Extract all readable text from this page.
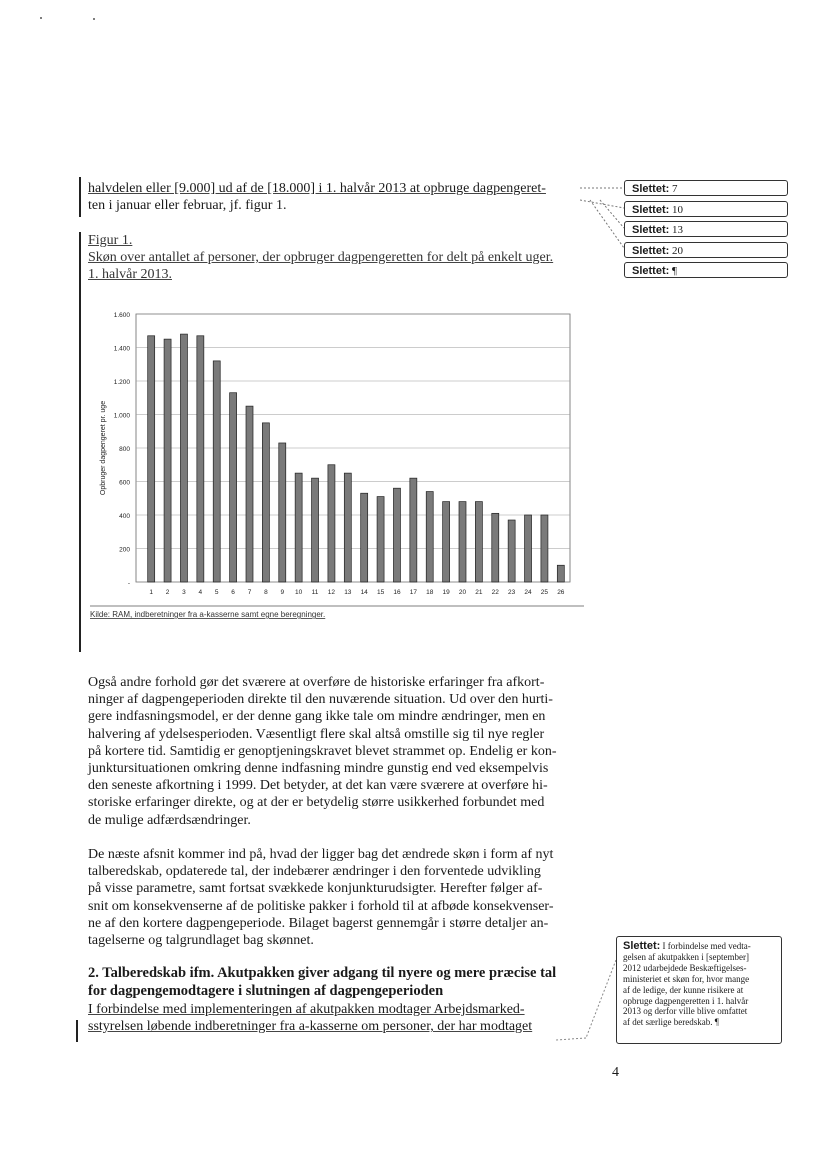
halvdelen eller [9.000] ud af de [18.000] i 1. halvår 2013 at opbruge dagpengeret-
ten i januar eller februar, jf. figur 1.
Figur 1.
Skøn over antallet af personer, der opbruger dagpengeretten for delt på enkelt uger.
1. halvår 2013.
Slettet: 7
Slettet: 10
Slettet: 13
Slettet: 20
Slettet: ¶
1.600
1.400
1.200
1.000
800
600
400
200
-
Opbruger dagpengeret pr. uge
1 2 3 4 5 6 7 8 9 10 11 12 13 14 15 16 17 18 19 20 21 22 23 24 25 26
Kilde: RAM, indberetninger fra a-kasserne samt egne beregninger.
Også andre forhold gør det sværere at overføre de historiske erfaringer fra afkort-
ninger af dagpengeperioden direkte til den nuværende situation. Ud over den hurti-
gere indfasningsmodel, er der denne gang ikke tale om mindre ændringer, men en
halvering af ydelsesperioden. Væsentligt flere skal altså omstille sig til nye regler
på kortere tid. Samtidig er genoptjeningskravet blevet strammet op. Endelig er kon-
junktursituationen omkring denne indfasning mindre gunstig end ved eksempelvis
den seneste afkortning i 1999. Det betyder, at det kan være sværere at overføre hi-
storiske erfaringer direkte, og at der er betydelig større usikkerhed forbundet med
de mulige adfærdsændringer.
De næste afsnit kommer ind på, hvad der ligger bag det ændrede skøn i form af nyt
talberedskab, opdaterede tal, der indebærer ændringer i den forventede udvikling
på visse parametre, samt fortsat svækkede konjunkturudsigter. Herefter følger af-
snit om konsekvenserne af de politiske pakker i forhold til at afbøde konsekvenser-
ne af den kortere dagpengeperiode. Bilaget bagerst gennemgår i større detaljer an-
tagelserne og talgrundlaget bag skønnet.
2. Talberedskab ifm. Akutpakken giver adgang til nyere og mere præcise tal
for dagpengemodtagere i slutningen af dagpengeperioden
I forbindelse med implementeringen af akutpakken modtager Arbejdsmarked-
sstyrelsen løbende indberetninger fra a-kasserne om personer, der har modtaget
Slettet: I forbindelse med vedta-
gelsen af akutpakken i [september]
2012 udarbejdede Beskæftigelses-
ministeriet et skøn for, hvor mange
af de ledige, der kunne risikere at
opbruge dagpengeretten i 1. halvår
2013 og derfor ville blive omfattet
af det særlige beredskab. ¶
4
